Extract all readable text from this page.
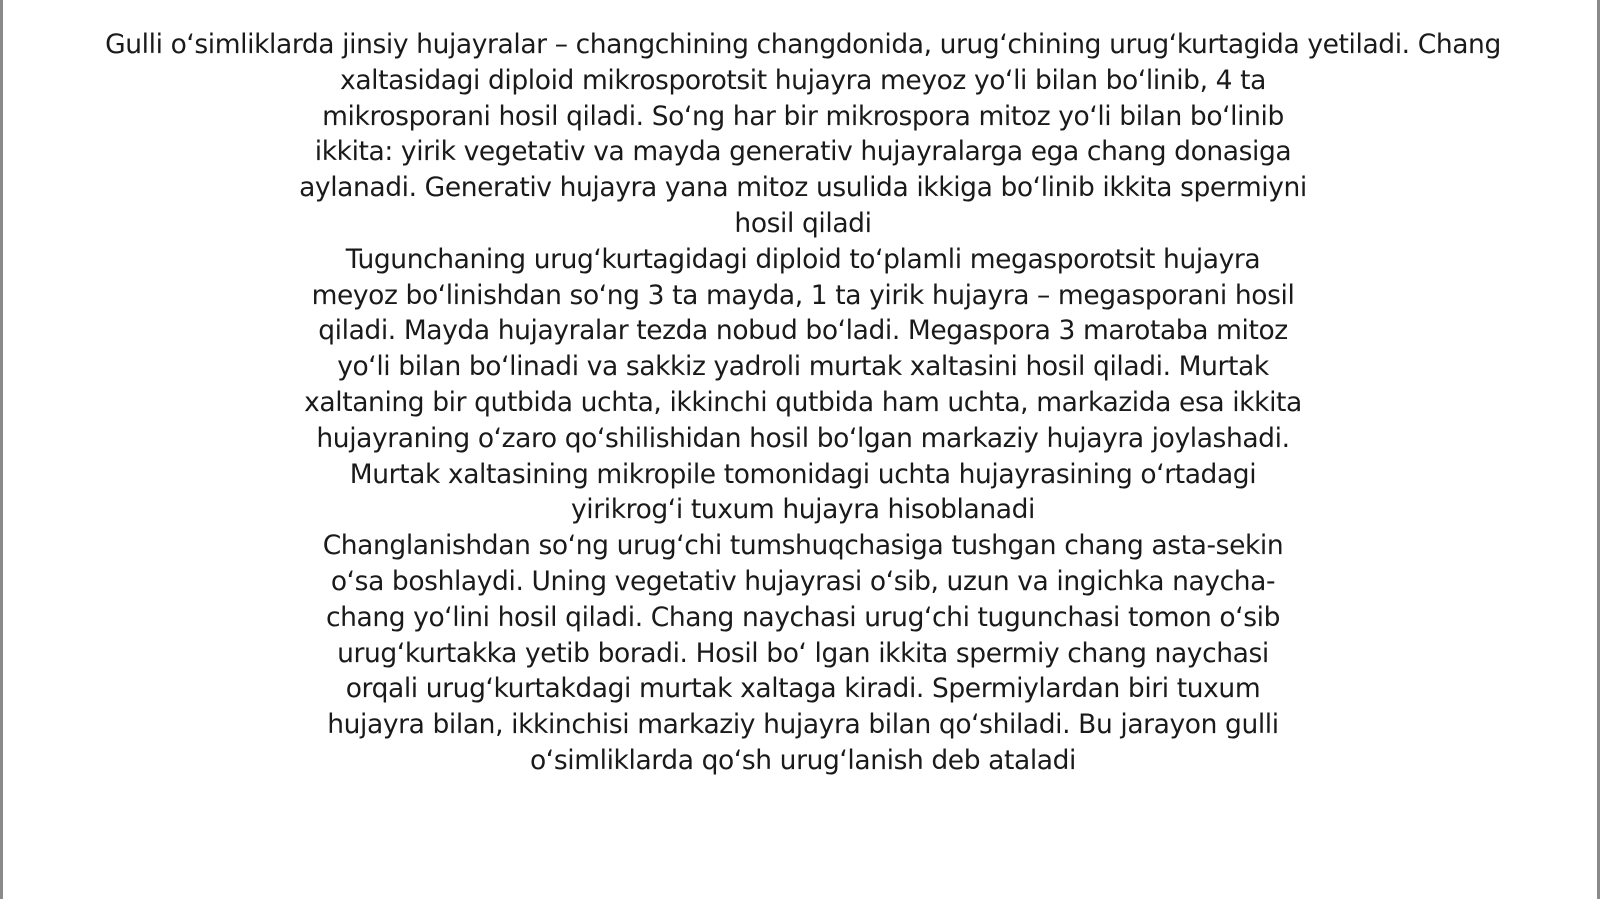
Gulli o‘simliklarda jinsiy hujayralar – changchining changdonida, urug‘chining urug‘kurtagida yetiladi. Chang
xaltasidagi diploid mikrosporotsit hujayra meyoz yo‘li bilan bo‘linib, 4 ta
mikrosporani hosil qiladi. So‘ng har bir mikrospora mitoz yo‘li bilan bo‘linib
ikkita: yirik vegetativ va mayda generativ hujayralarga ega chang donasiga
aylanadi. Generativ hujayra yana mitoz usulida ikkiga bo‘linib ikkita spermiyni
hosil qiladi
Tugunchaning urug‘kurtagidagi diploid to‘plamli megasporotsit hujayra
meyoz bo‘linishdan so‘ng 3 ta mayda, 1 ta yirik hujayra – megasporani hosil
qiladi. Mayda hujayralar tezda nobud bo‘ladi. Megaspora 3 marotaba mitoz
yo‘li bilan bo‘linadi va sakkiz yadroli murtak xaltasini hosil qiladi. Murtak
xaltaning bir qutbida uchta, ikkinchi qutbida ham uchta, markazida esa ikkita
hujayraning o‘zaro qo‘shilishidan hosil bo‘lgan markaziy hujayra joylashadi.
Murtak xaltasining mikropile tomonidagi uchta hujayrasining o‘rtadagi
yirikrog‘i tuxum hujayra hisoblanadi
Changlanishdan so‘ng urug‘chi tumshuqchasiga tushgan chang asta-sekin
o‘sa boshlaydi. Uning vegetativ hujayrasi o‘sib, uzun va ingichka naycha-
chang yo‘lini hosil qiladi. Chang naychasi urug‘chi tugunchasi tomon o‘sib
urug‘kurtakka yetib boradi. Hosil bo‘ lgan ikkita spermiy chang naychasi
orqali urug‘kurtakdagi murtak xaltaga kiradi. Spermiylardan biri tuxum
hujayra bilan, ikkinchisi markaziy hujayra bilan qo‘shiladi. Bu jarayon gulli
o‘simliklarda qo‘sh urug‘lanish deb ataladi
